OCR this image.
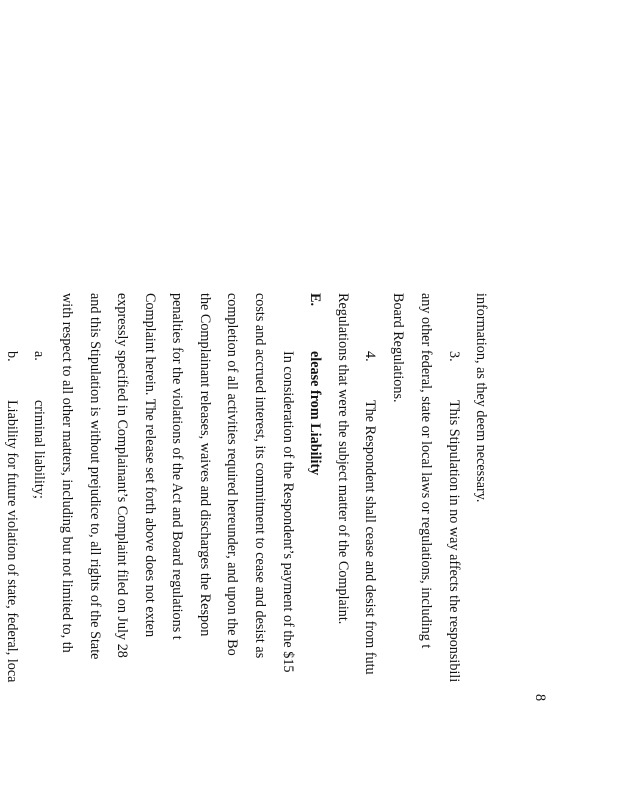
information, as they deem necessary.
3.
This Stipulation in no way affects the responsibili
any other federal, state or local laws or regulations, including t
Board Regulations.
4.
The Respondent shall cease and desist from futu
Regulations that were the subject matter of the Complaint.
E.
elease from Liability
In consideration of the Respondent’s payment of the $15
costs and accrued interest, its commitment to cease and desist as
completion of all activities required hereunder, and upon the Bo
the Complainant releases, waives and discharges the Respon
penalties for the violations of the Act and Board regulations t
Complaint herein. The release set forth above does not exten
expressly specified in Complainant’s Complaint filed on July 28
and this Stipulation is without prejudice to, all rights of the State
with respect to all other matters, including but not limited to, th
a.
criminal liability;
b.
Liability for future violation of state, federal, loca
8
